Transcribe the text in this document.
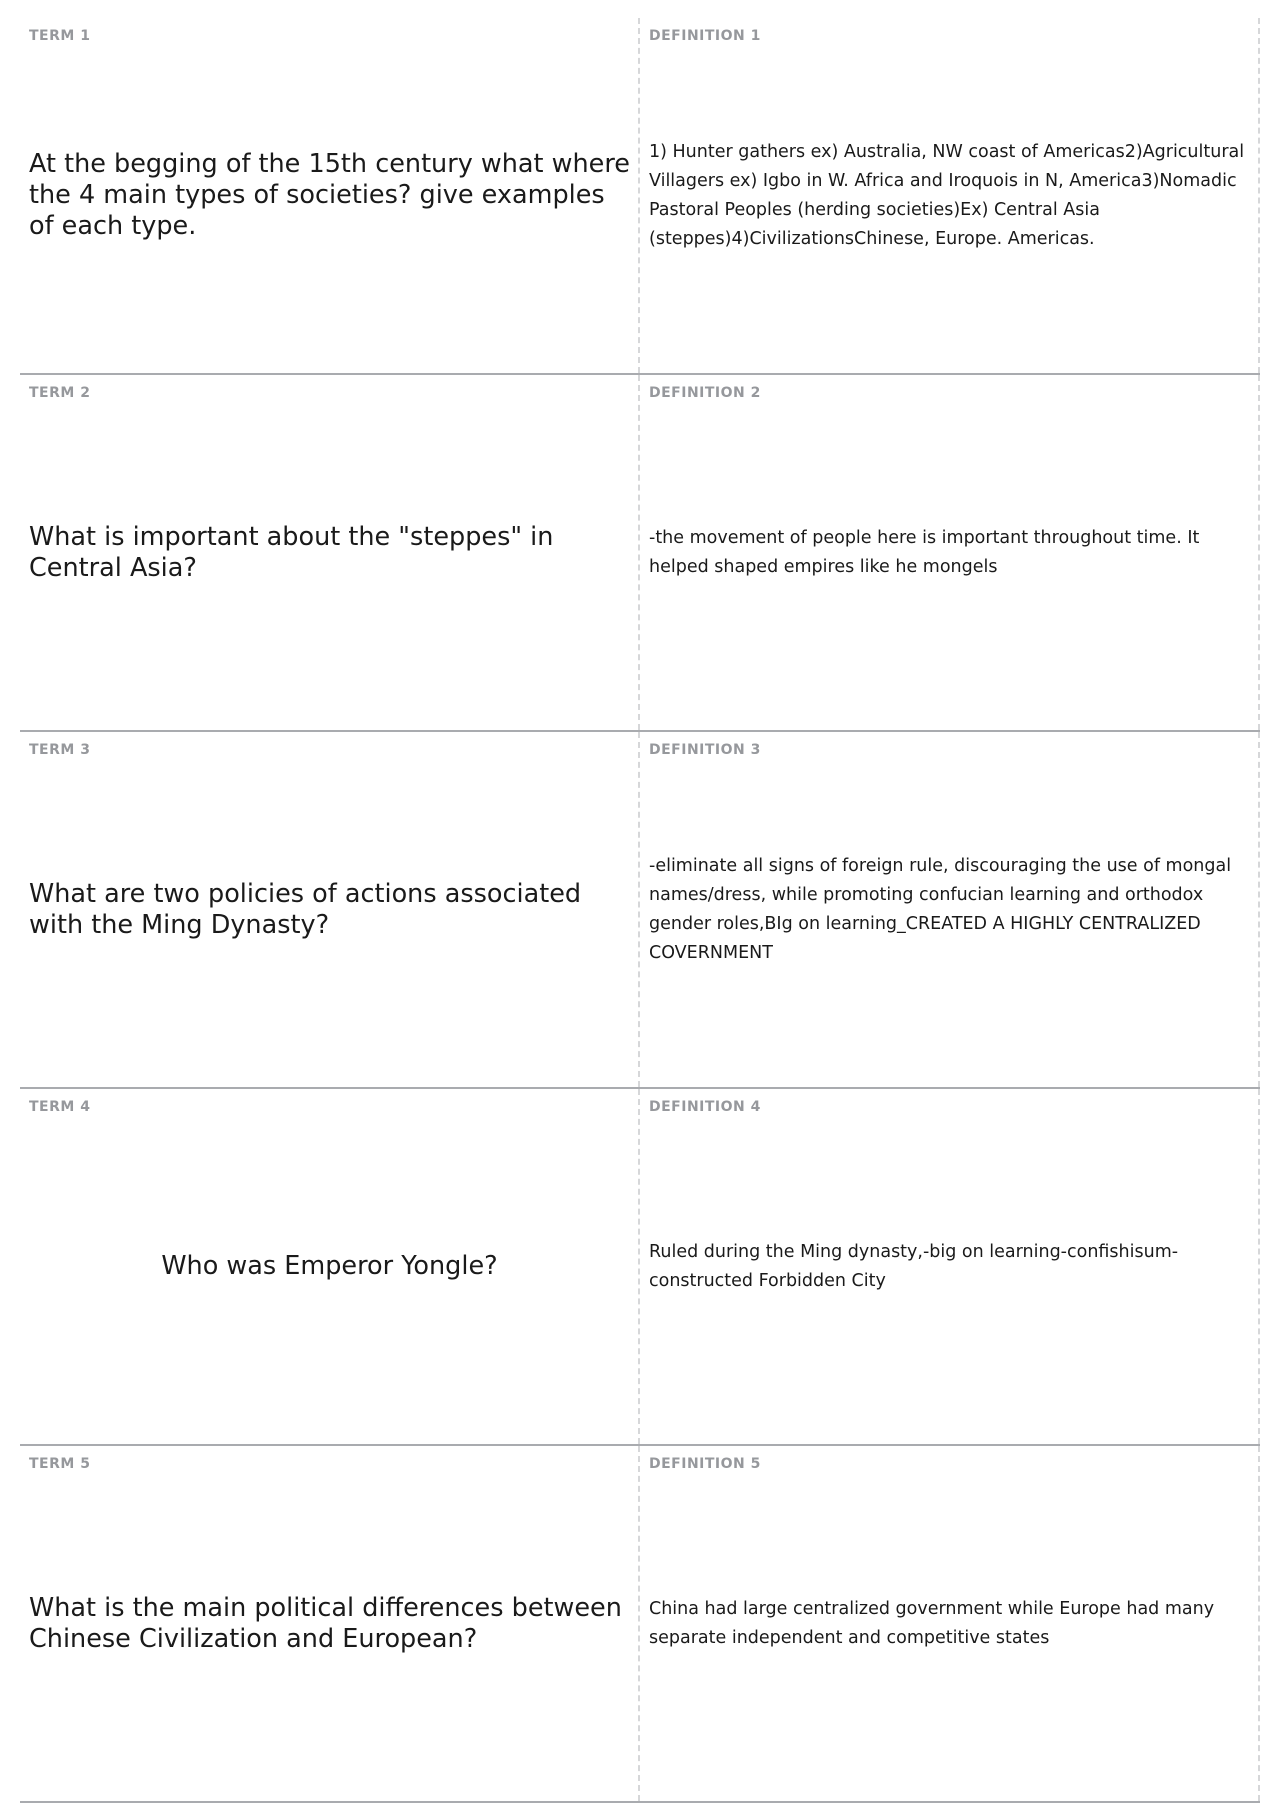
TERM 1
At the begging of the 15th century what where the 4 main types of societies? give examples of each type.
DEFINITION 1
1) Hunter gathers ex) Australia, NW coast of Americas2)Agricultural Villagers ex) Igbo in W. Africa and Iroquois in N, America3)Nomadic Pastoral Peoples (herding societies)Ex) Central Asia (steppes)4)CivilizationsChinese, Europe. Americas.
TERM 2
What is important about the "steppes" in Central Asia?
DEFINITION 2
-the movement of people here is important throughout time. It helped shaped empires like he mongels
TERM 3
What are two policies of actions associated with the Ming Dynasty?
DEFINITION 3
-eliminate all signs of foreign rule, discouraging the use of mongal names/dress, while promoting confucian learning and orthodox gender roles,BIg on learning_CREATED A HIGHLY CENTRALIZED COVERNMENT
TERM 4
Who was Emperor Yongle?
DEFINITION 4
Ruled during the Ming dynasty,-big on learning-confishisum-constructed Forbidden City
TERM 5
What is the main political differences between Chinese Civilization and European?
DEFINITION 5
China had large centralized government while Europe had many separate independent and competitive states
